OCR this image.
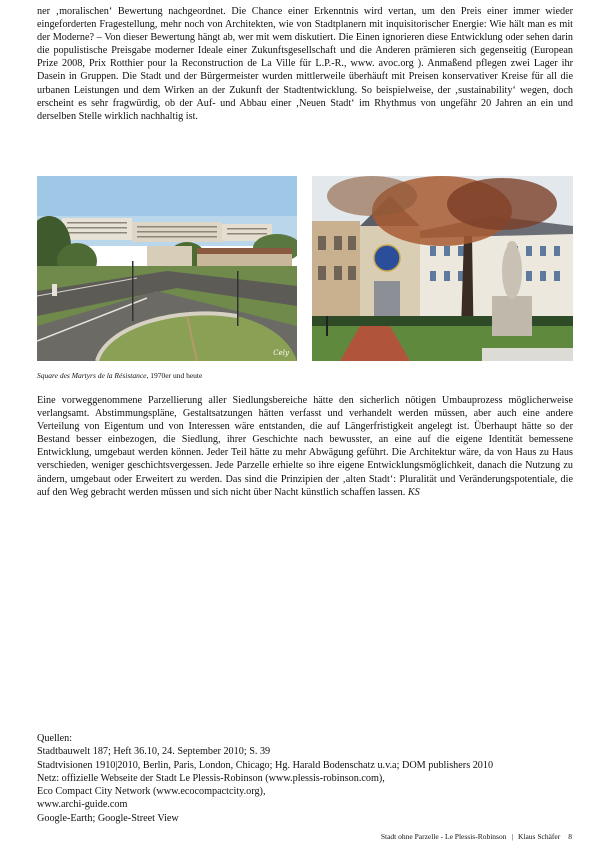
ner ‚moralischen‘ Bewertung nachgeordnet. Die Chance einer Erkenntnis wird vertan, um den Preis einer immer wieder eingeforderten Fragestellung, mehr noch von Architekten, wie von Stadtplanern mit inquisitorischer Energie: Wie hält man es mit der Moderne? – Von dieser Bewertung hängt ab, wer mit wem diskutiert. Die Einen ignorieren diese Entwicklung oder sehen darin die populistische Preisgabe moderner Ideale einer Zukunftsgesellschaft und die Anderen prämieren sich gegenseitig (European Prize 2008, Prix Rotthier pour la Reconstruction de La Ville für L.P.-R., www. avoc.org ). Anmaßend pflegen zwei Lager ihr Dasein in Gruppen. Die Stadt und der Bürgermeister wurden mittlerweile überhäuft mit Preisen konservativer Kreise für all die urbanen Leistungen und dem Wirken an der Zukunft der Stadtentwicklung. So beispielweise, der ‚sustainability‘ wegen, doch erscheint es sehr fragwürdig, ob der Auf- und Abbau einer ‚Neuen Stadt‘ im Rhythmus von ungefähr 20 Jahren an ein und derselben Stelle wirklich nachhaltig ist.

Cely
Square des Martyrs de la Résistance, 1970er und heute

Eine vorweggenommene Parzellierung aller Siedlungsbereiche hätte den sicherlich nötigen Umbauprozess möglicherweise verlangsamt. Abstimmungspläne, Gestaltsatzungen hätten verfasst und verhandelt werden müssen, aber auch eine andere Verteilung von Eigentum und von Interessen wäre entstanden, die auf Längerfristigkeit angelegt ist. Überhaupt hätte so der Bestand besser einbezogen, die Siedlung, ihrer Geschichte nach bewusster, an eine auf die eigene Identität bemessene Entwicklung, umgebaut werden können. Jeder Teil hätte zu mehr Abwägung geführt. Die Architektur wäre, da von Haus zu Haus verschieden, weniger geschichtsvergessen. Jede Parzelle erhielte so ihre eigene Entwicklungsmöglichkeit, danach die Nutzung zu ändern, umgebaut oder Erweitert zu werden. Das sind die Prinzipien der ‚alten Stadt‘: Pluralität und Veränderungspotentiale, die auf den Weg gebracht werden müssen und sich nicht über Nacht künstlich schaffen lassen. KS

Quellen:
Stadtbauwelt 187; Heft 36.10, 24. September 2010; S. 39
Stadtvisionen 1910|2010, Berlin, Paris, London, Chicago; Hg. Harald Bodenschatz u.v.a; DOM publishers 2010
Netz: offizielle Webseite der Stadt Le Plessis-Robinson (www.plessis-robinson.com),
Eco Compact City Network (www.ecocompactcity.org),
www.archi-guide.com
Google-Earth; Google-Street View
Stadt ohne Parzelle - Le Plessis-Robinson | Klaus Schäfer 8
